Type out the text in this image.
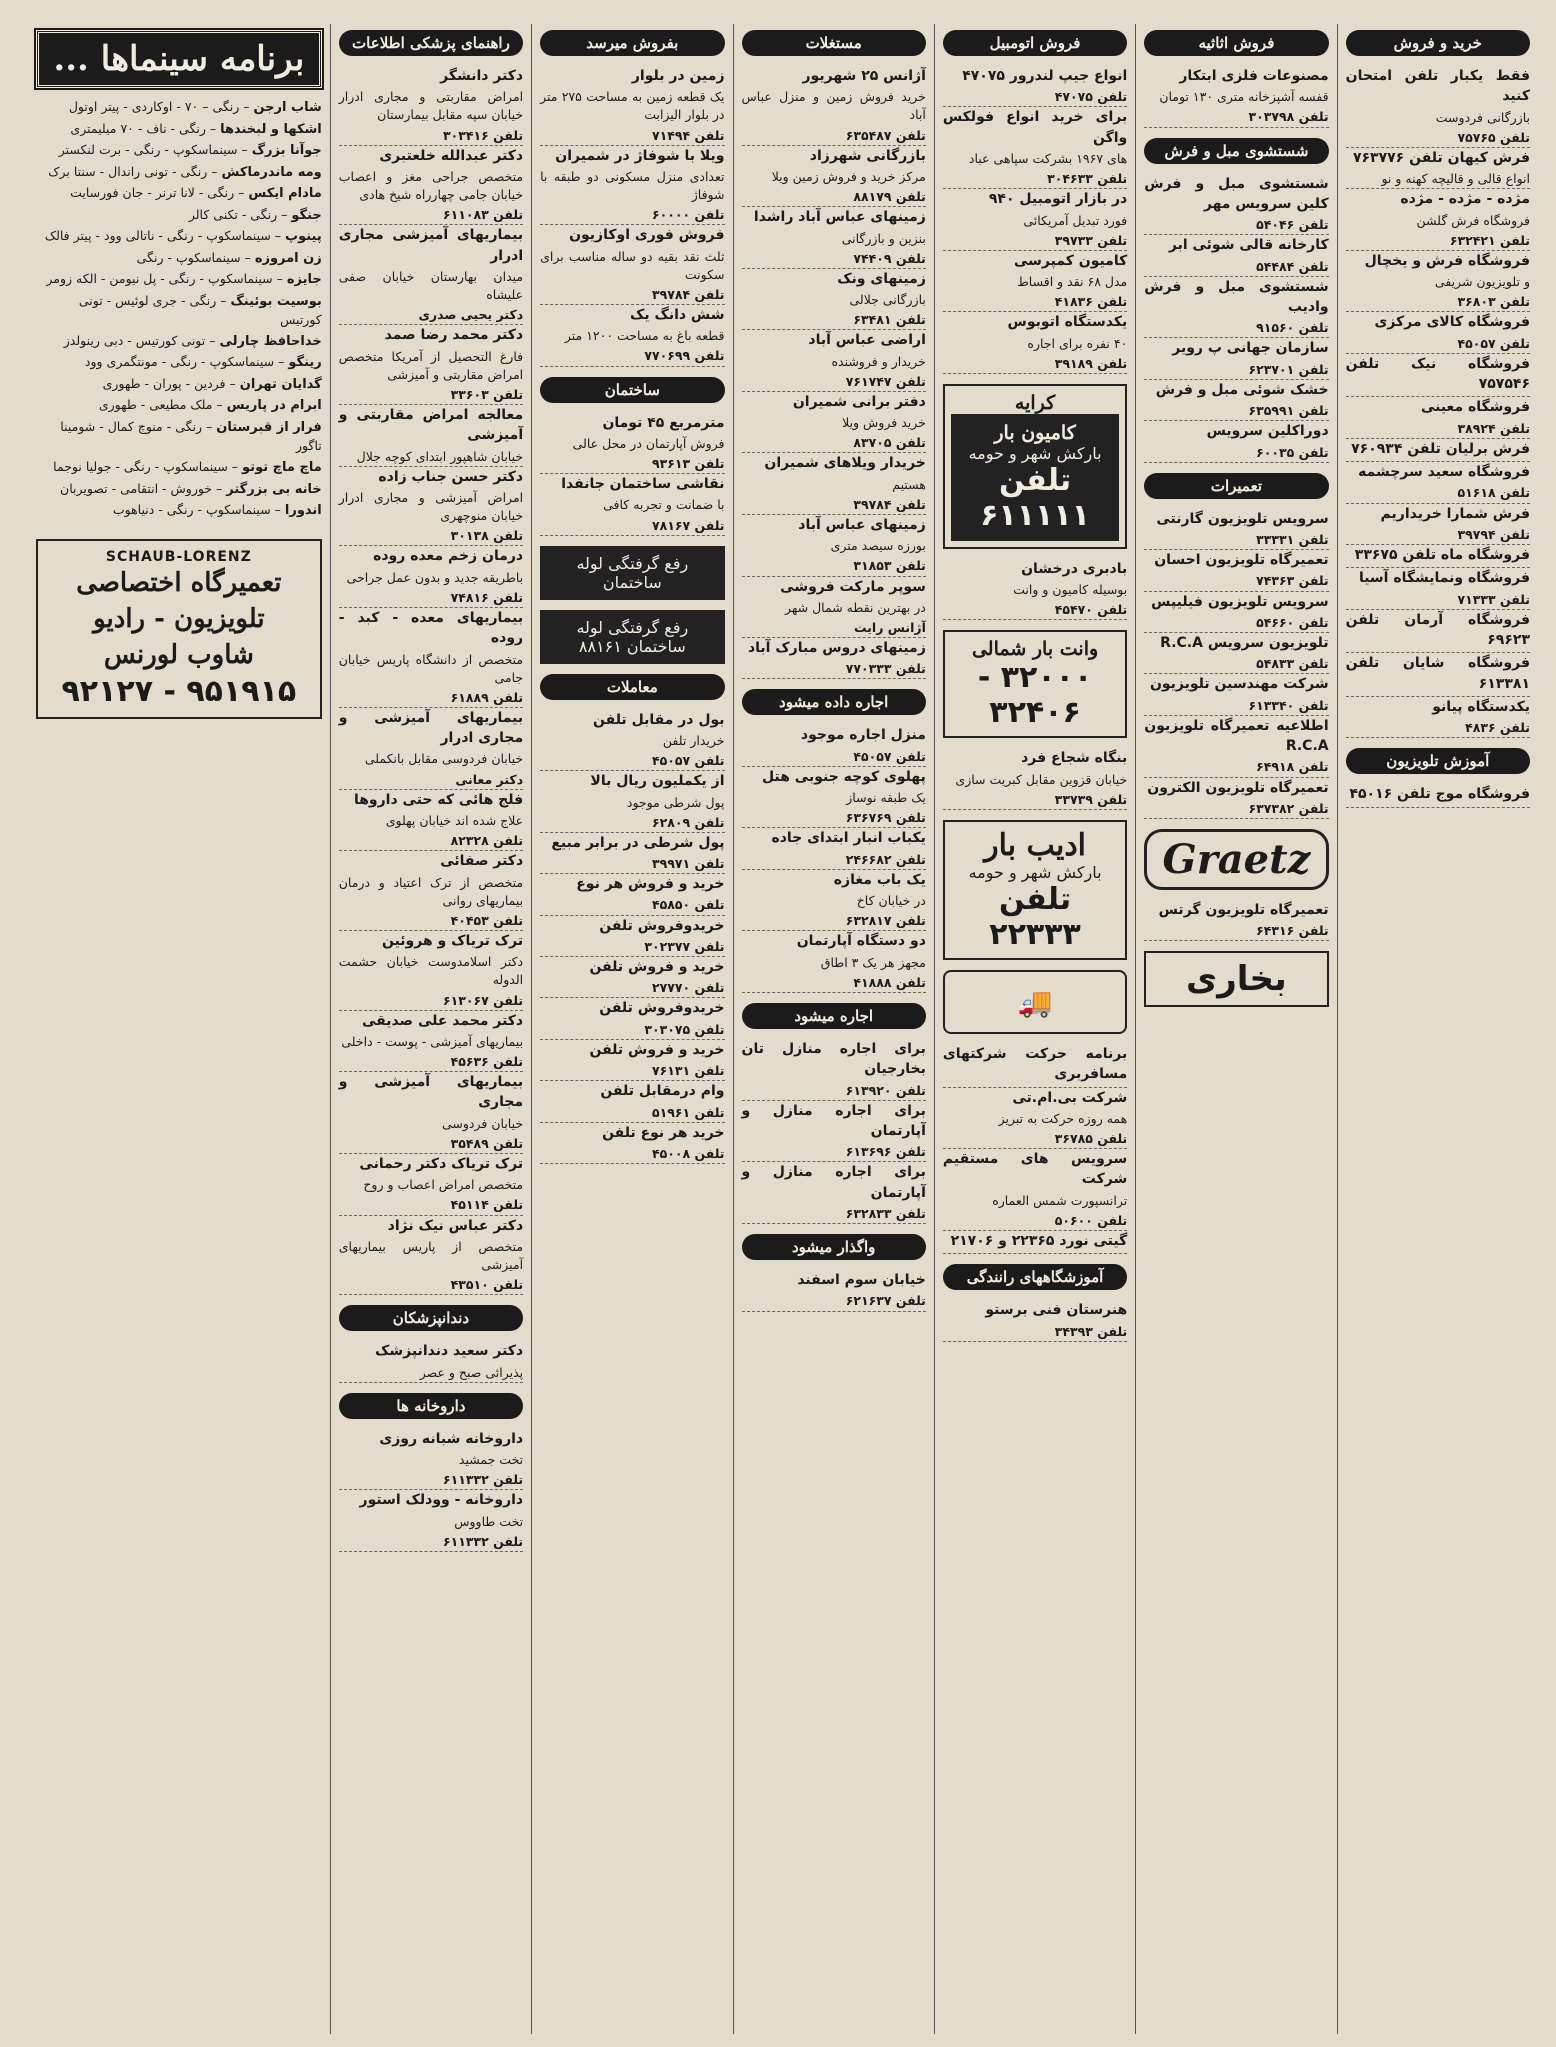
خرید و فروش
فقط یکبار تلفن امتحان کنید
بازرگانی فردوست
تلفن ۷۵۷۶۵
فرش کیهان تلفن ۷۶۳۷۷۶
انواع قالی و قالیچه کهنه و نو
مژده - مژده - مژده
فروشگاه فرش گلشن
تلفن ۶۳۲۴۲۱
فروشگاه فرش و یخچال
و تلویزیون شریفی
تلفن ۳۶۸۰۳
فروشگاه کالای مرکزی
تلفن ۴۵۰۵۷
فروشگاه نیک تلفن ۷۵۷۵۴۶
فروشگاه معینی
تلفن ۳۸۹۲۴
فرش برلیان تلفن ۷۶۰۹۳۴
فروشگاه سعید سرچشمه
تلفن ۵۱۶۱۸
فرش شمارا خریداریم
تلفن ۳۹۷۹۴
فروشگاه ماه تلفن ۳۳۶۷۵
فروشگاه ونمایشگاه آسیا
تلفن ۷۱۳۳۳
فروشگاه آرمان تلفن ۶۹۶۲۳
فروشگاه شایان تلفن ۶۱۳۳۸۱
یکدستگاه پیانو
تلفن ۴۸۳۶
آموزش تلویزیون
فروشگاه موج تلفن ۴۵۰۱۶
فروش اثاثیه
مصنوعات فلزی ابتکار
قفسه آشپزخانه متری ۱۳۰ تومان
تلفن ۳۰۳۷۹۸
شستشوی مبل و فرش
شستشوی مبل و فرش کلین سرویس مهر
تلفن ۵۴۰۴۶
کارخانه قالی شوئی ابر
تلفن ۵۴۴۸۴
شستشوی مبل و فرش وادیب
تلفن ۹۱۵۶۰
سازمان جهانی پ رویر
تلفن ۶۲۳۷۰۱
خشک شوئی مبل و فرش
تلفن ۶۳۵۹۹۱
دوراکلین سرویس
تلفن ۶۰۰۳۵
تعمیرات
سرویس تلویزیون گارنتی
تلفن ۳۳۳۳۱
تعمیرگاه تلویزیون احسان
تلفن ۷۴۳۶۳
سرویس تلویزیون فیلیپس
تلفن ۵۴۶۶۰
تلویزیون سرویس R.C.A
تلفن ۵۴۸۳۳
شرکت مهندسین تلویزیون
تلفن ۶۱۳۳۴۰
اطلاعیه تعمیرگاه تلویزیون R.C.A
تلفن ۶۴۹۱۸
تعمیرگاه تلویزیون الکترون
تلفن ۶۳۷۳۸۲
Graetz
تعمیرگاه تلویزیون گرتس
تلفن ۶۴۳۱۶
بخاری
فروش اتومبیل
انواع جیپ لندرور ۴۷۰۷۵
تلفن ۴۷۰۷۵
برای خرید انواع فولکس واگن
های ۱۹۶۷ بشرکت سپاهی عباد
تلفن ۳۰۴۶۳۳
در بازار اتومبیل ۹۴۰
فورد تبدیل آمریکائی
تلفن ۳۹۷۳۳
کامیون کمپرسی
مدل ۶۸ نقد و اقساط
تلفن ۴۱۸۳۶
یکدستگاه اتوبوس
۴۰ نفره برای اجاره
تلفن ۳۹۱۸۹
کرایه
کامیون بار
بارکش شهر و حومه
تلفن ۶۱۱۱۱۱
بادبری درخشان
بوسیله کامیون و وانت
تلفن ۴۵۴۷۰
وانت بار شمالی
۳۲۰۰۰ - ۳۲۴۰۶
بنگاه شجاع فرد
خیابان قزوین مقابل کبریت سازی
تلفن ۳۳۷۳۹
ادیب بار
بارکش شهر و حومه
تلفن ۲۲۳۳۳
🚚
برنامه حرکت شرکتهای مسافربری
شرکت بی.ام.تی
همه روزه حرکت به تبریز
تلفن ۳۶۷۸۵
سرویس های مستقیم شرکت
ترانسپورت شمس العماره
تلفن ۵۰۶۰۰
گیتی نورد ۲۲۳۶۵ و ۲۱۷۰۶
آموزشگاههای رانندگی
هنرستان فنی برستو
تلفن ۳۴۳۹۳
مستغلات
آژانس ۲۵ شهریور
خرید فروش زمین و منزل عباس آباد
تلفن ۶۳۵۴۸۷
بازرگانی شهرزاد
مرکز خرید و فروش زمین ویلا
تلفن ۸۸۱۷۹
زمینهای عباس آباد راشدا
بنزین و بازرگانی
تلفن ۷۴۴۰۹
زمینهای ونک
بازرگانی جلالی
تلفن ۶۳۴۸۱
اراضی عباس آباد
خریدار و فروشنده
تلفن ۷۶۱۷۴۷
دفتر برانی شمیران
خرید فروش ویلا
تلفن ۸۳۷۰۵
خریدار ویلاهای شمیران
هستیم
تلفن ۳۹۷۸۴
زمینهای عباس آباد
بورزه سیصد متری
تلفن ۳۱۸۵۳
سوپر مارکت فروشی
در بهترین نقطه شمال شهر
آژانس رایت
زمینهای دروس مبارک آباد
تلفن ۷۷۰۳۳۳
اجاره داده میشود
منزل اجاره موجود
تلفن ۴۵۰۵۷
پهلوی کوچه جنوبی هتل
یک طبقه نوساز
تلفن ۶۳۶۷۶۹
یکباب انبار ابتدای جاده
تلفن ۲۴۶۶۸۲
یک باب مغازه
در خیابان کاخ
تلفن ۶۳۲۸۱۷
دو دستگاه آپارتمان
مجهز هر یک ۳ اطاق
تلفن ۴۱۸۸۸
اجاره میشود
برای اجاره منازل تان بخارجیان
تلفن ۶۱۳۹۲۰
برای اجاره منازل و آپارتمان
تلفن ۶۱۳۶۹۶
برای اجاره منازل و آپارتمان
تلفن ۶۳۲۸۳۳
واگذار میشود
خیابان سوم اسفند
تلفن ۶۲۱۶۳۷
بفروش میرسد
زمین در بلوار
یک قطعه زمین به مساحت ۲۷۵ متر در بلوار الیزابت
تلفن ۷۱۴۹۴
ویلا با شوفاژ در شمیران
تعدادی منزل مسکونی دو طبقه با شوفاژ
تلفن ۶۰۰۰۰
فروش فوری اوکازیون
ثلث نقد بقیه دو ساله مناسب برای سکونت
تلفن ۳۹۷۸۴
شش دانگ یک
قطعه باغ به مساحت ۱۲۰۰ متر
تلفن ۷۷۰۶۹۹
ساختمان
مترمربع ۴۵ تومان
فروش آپارتمان در محل عالی
تلفن ۹۳۶۱۳
نقاشی ساختمان جانفدا
با ضمانت و تجربه کافی
تلفن ۷۸۱۶۷
رفع گرفتگی لوله ساختمان
رفع گرفتگی لوله ساختمان ۸۸۱۶۱
معاملات
بول در مقابل تلفن
خریدار تلفن
تلفن ۴۵۰۵۷
از یکملیون ریال بالا
پول شرطی موجود
تلفن ۶۲۸۰۹
پول شرطی در برابر مبیع
تلفن ۳۹۹۷۱
خرید و فروش هر نوع
تلفن ۴۵۸۵۰
خریدوفروش تلفن
تلفن ۳۰۲۳۷۷
خرید و فروش تلفن
تلفن ۲۷۷۷۰
خریدوفروش تلفن
تلفن ۳۰۳۰۷۵
خرید و فروش تلفن
تلفن ۷۶۱۳۱
وام درمقابل تلفن
تلفن ۵۱۹۶۱
خرید هر نوع تلفن
تلفن ۴۵۰۰۸
راهنمای پزشکی اطلاعات
دکتر دانشگر
امراض مقاربتی و مجاری ادرار خیابان سپه مقابل بیمارستان
تلفن ۳۰۳۴۱۶
دکتر عبدالله خلعتبری
متخصص جراحی مغز و اعصاب خیابان جامی چهارراه شیخ هادی
تلفن ۶۱۱۰۸۳
بیماریهای آمیزشی مجاری ادرار
میدان بهارستان خیابان صفی علیشاه
دکتر یحیی صدری
دکتر محمد رضا صمد
فارغ التحصیل از آمریکا متخصص امراض مقاربتی و آمیزشی
تلفن ۳۳۶۰۳
معالجه امراض مقاربتی و آمیزشی
خیابان شاهپور ابتدای کوچه جلال
دکتر حسن جناب زاده
امراض آمیزشی و مجاری ادرار خیابان منوچهری
تلفن ۳۰۱۳۸
درمان زخم معده روده
باطریقه جدید و بدون عمل جراحی
تلفن ۷۴۸۱۶
بیماریهای معده - کبد - روده
متخصص از دانشگاه پاریس خیابان جامی
تلفن ۶۱۸۸۹
بیماریهای آمیزشی و مجاری ادرار
خیابان فردوسی مقابل بانکملی
دکتر معانی
فلج هائی که حتی داروها
علاج شده اند خیابان پهلوی
تلفن ۸۲۳۲۸
دکتر صفائی
متخصص از ترک اعتیاد و درمان بیماریهای روانی
تلفن ۴۰۴۵۳
ترک تریاک و هروئین
دکتر اسلامدوست خیابان حشمت الدوله
تلفن ۶۱۳۰۶۷
دکتر محمد علی صدیقی
بیماریهای آمیزشی - پوست - داخلی
تلفن ۴۵۶۳۶
بیماریهای آمیزشی و مجاری
خیابان فردوسی
تلفن ۳۵۴۸۹
ترک تریاک دکتر رحمانی
متخصص امراض اعصاب و روح
تلفن ۴۵۱۱۴
دکتر عباس نیک نژاد
متخصص از پاریس بیماریهای آمیزشی
تلفن ۴۳۵۱۰
دندانپزشکان
دکتر سعید دندانپزشک
پذیرائی صبح و عصر
داروخانه ها
داروخانه شبانه روزی
تخت جمشید
تلفن ۶۱۱۳۳۲
داروخانه - وودلک استور
تخت طاووس
تلفن ۶۱۱۳۳۲
برنامه سینماها ...
شاب ارجن – رنگی – ۷۰ - اوکاردی - پیتر اوتول
اشکها و لبخندها – رنگی - ناف - ۷۰ میلیمتری
جوآنا بزرگ – سینماسکوپ - رنگی - برت لنکستر
ومه ماندرماکش – رنگی - تونی راندال - سنتا برک
مادام ایکس – رنگی - لانا ترنر - جان فورسایت
جنگو – رنگی - تکنی کالر
پینوپ – سینماسکوپ - رنگی - ناتالی وود - پیتر فالک
زن امروزه – سینماسکوپ - رنگی
جایزه – سینماسکوپ - رنگی - پل نیومن - الکه زومر
بوسیت بوئینگ – رنگی - جری لوئیس - تونی کورتیس
خداحافظ چارلی – تونی کورتیس - دبی رینولدز
رینگو – سینماسکوپ - رنگی - مونتگمری وود
گدایان تهران – فردین - پوران - طهوری
ابرام در پاریس – ملک مطیعی - طهوری
فرار از قبرستان – رنگی - منوچ کمال - شومینا تاگور
ماچ ماچ توتو – سینماسکوپ - رنگی - جولیا نوجما
خانه بی بزرگتر – خوروش - انتقامی - تصویربان
اندورا – سینماسکوپ - رنگی - دنیاهوب
SCHAUB-LORENZ
تعمیرگاه اختصاصی
تلویزیون - رادیو
شاوب لورنس
۹۲۱۲۷ - ۹۵۱۹۱۵
